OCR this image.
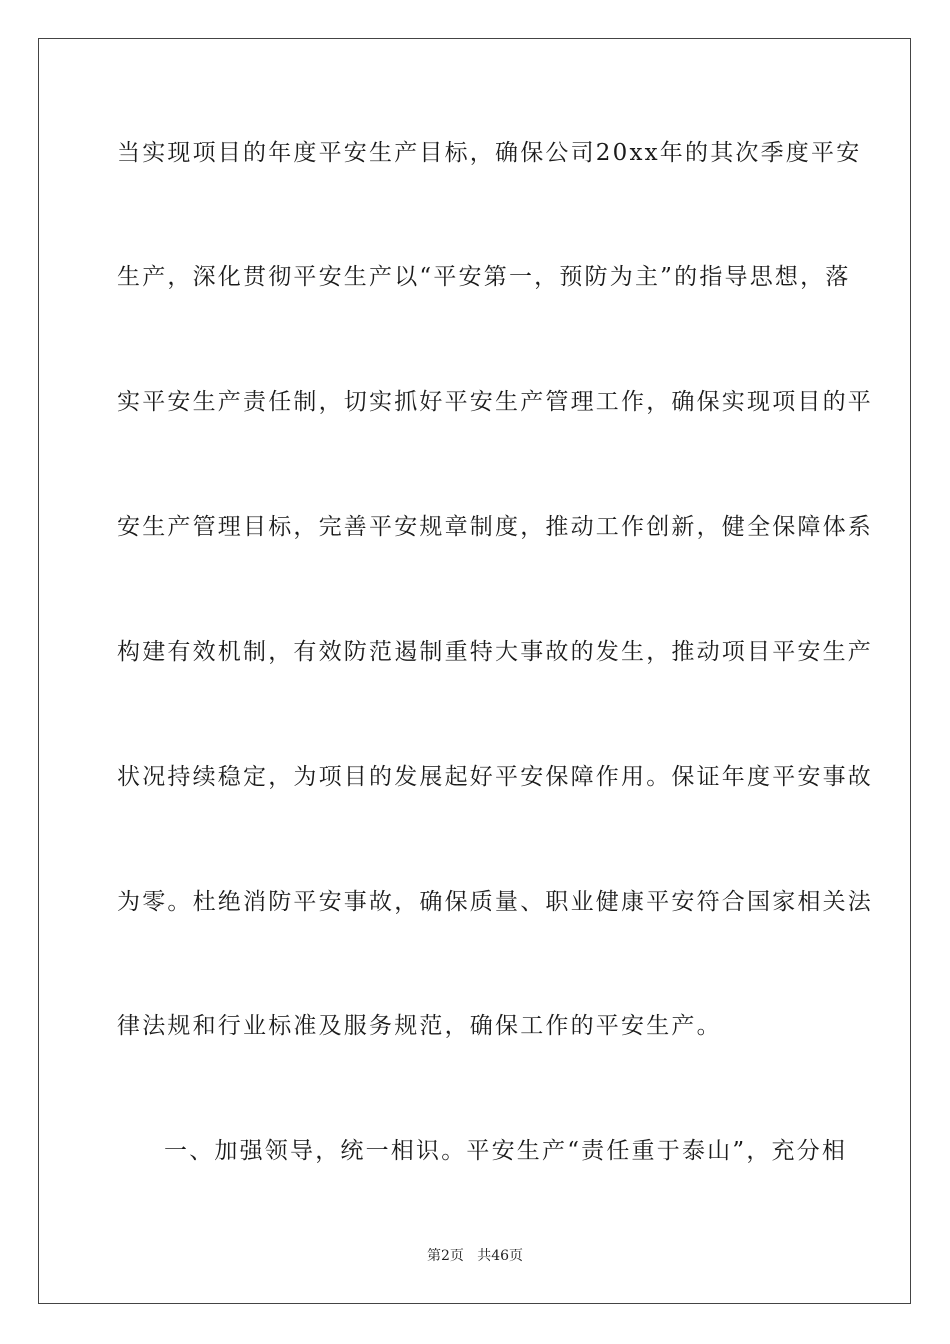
当实现项目的年度平安生产目标，确保公司20xx年的其次季度平安
生产，深化贯彻平安生产以“平安第一，预防为主”的指导思想，落
实平安生产责任制，切实抓好平安生产管理工作，确保实现项目的平
安生产管理目标，完善平安规章制度，推动工作创新，健全保障体系
构建有效机制，有效防范遏制重特大事故的发生，推动项目平安生产
状况持续稳定，为项目的发展起好平安保障作用。保证年度平安事故
为零。杜绝消防平安事故，确保质量、职业健康平安符合国家相关法
律法规和行业标准及服务规范，确保工作的平安生产。
一、加强领导，统一相识。平安生产“责任重于泰山”，充分相
第2页   共46页
